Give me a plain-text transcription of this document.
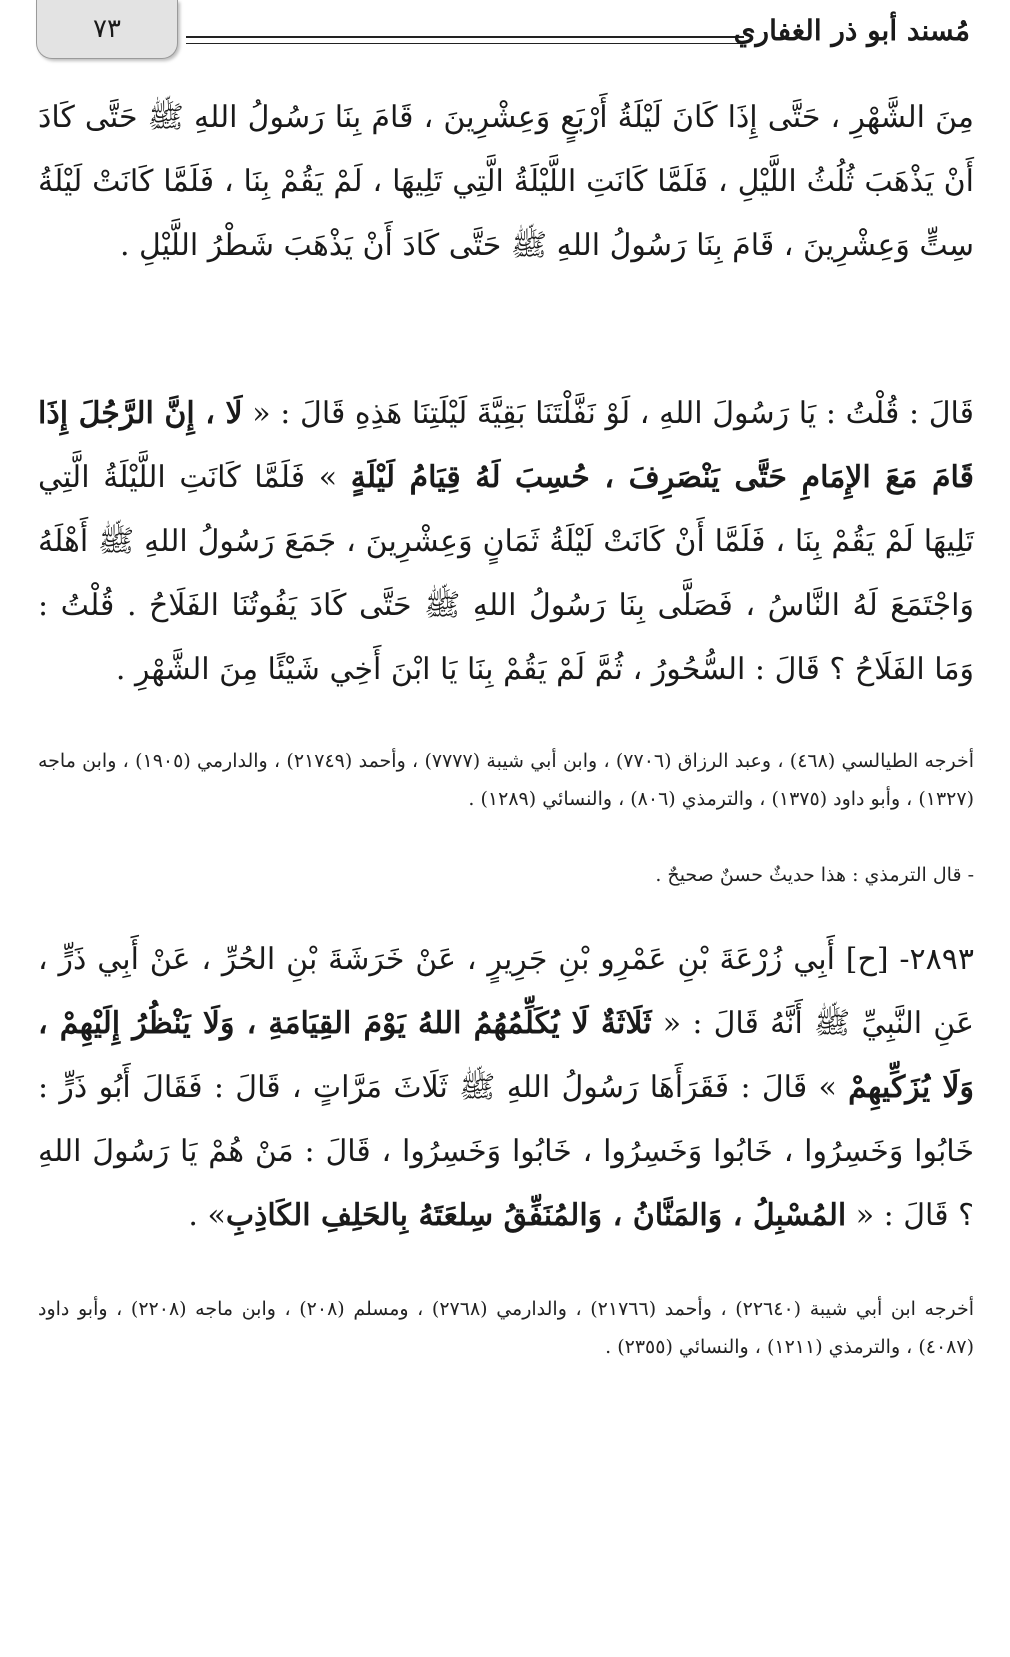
٧٣	مُسند أبو ذر الغفاري
مِنَ الشَّهْرِ ، حَتَّى إِذَا كَانَ لَيْلَةُ أَرْبَعٍ وَعِشْرِينَ ، قَامَ بِنَا رَسُولُ اللهِ ﷺ حَتَّى كَادَ أَنْ يَذْهَبَ ثُلُثُ اللَّيْلِ ، فَلَمَّا كَانَتِ اللَّيْلَةُ الَّتِي تَلِيهَا ، لَمْ يَقُمْ بِنَا ، فَلَمَّا كَانَتْ لَيْلَةُ سِتٍّ وَعِشْرِينَ ، قَامَ بِنَا رَسُولُ اللهِ ﷺ حَتَّى كَادَ أَنْ يَذْهَبَ شَطْرُ اللَّيْلِ .
قَالَ : قُلْتُ : يَا رَسُولَ اللهِ ، لَوْ نَفَّلْتَنَا بَقِيَّةَ لَيْلَتِنَا هَذِهِ قَالَ : « لَا ، إِنَّ الرَّجُلَ إِذَا قَامَ مَعَ الإِمَامِ حَتَّى يَنْصَرِفَ ، حُسِبَ لَهُ قِيَامُ لَيْلَةٍ » فَلَمَّا كَانَتِ اللَّيْلَةُ الَّتِي تَلِيهَا لَمْ يَقُمْ بِنَا ، فَلَمَّا أَنْ كَانَتْ لَيْلَةُ ثَمَانٍ وَعِشْرِينَ ، جَمَعَ رَسُولُ اللهِ ﷺ أَهْلَهُ وَاجْتَمَعَ لَهُ النَّاسُ ، فَصَلَّى بِنَا رَسُولُ اللهِ ﷺ حَتَّى كَادَ يَفُوتُنَا الفَلَاحُ . قُلْتُ : وَمَا الفَلَاحُ ؟ قَالَ : السُّحُورُ ، ثُمَّ لَمْ يَقُمْ بِنَا يَا ابْنَ أَخِي شَيْئًا مِنَ الشَّهْرِ .
أخرجه الطيالسي (٤٦٨) ، وعبد الرزاق (٧٧٠٦) ، وابن أبي شيبة (٧٧٧٧) ، وأحمد (٢١٧٤٩) ، والدارمي (١٩٠٥) ، وابن ماجه (١٣٢٧) ، وأبو داود (١٣٧٥) ، والترمذي (٨٠٦) ، والنسائي (١٢٨٩) .
- قال الترمذي : هذا حديثٌ حسنٌ صحيحٌ .
٢٨٩٣- [ح] أَبِي زُرْعَةَ بْنِ عَمْرِو بْنِ جَرِيرٍ ، عَنْ خَرَشَةَ بْنِ الحُرِّ ، عَنْ أَبِي ذَرٍّ ، عَنِ النَّبِيِّ ﷺ أَنَّهُ قَالَ : « ثَلَاثَةٌ لَا يُكَلِّمُهُمُ اللهُ يَوْمَ القِيَامَةِ ، وَلَا يَنْظُرُ إِلَيْهِمْ ، وَلَا يُزَكِّيهِمْ » قَالَ : فَقَرَأَهَا رَسُولُ اللهِ ﷺ ثَلَاثَ مَرَّاتٍ ، قَالَ : فَقَالَ أَبُو ذَرٍّ : خَابُوا وَخَسِرُوا ، خَابُوا وَخَسِرُوا ، خَابُوا وَخَسِرُوا ، قَالَ : مَنْ هُمْ يَا رَسُولَ اللهِ ؟ قَالَ : « المُسْبِلُ ، وَالمَنَّانُ ، وَالمُنَفِّقُ سِلعَتَهُ بِالحَلِفِ الكَاذِبِ» .
أخرجه ابن أبي شيبة (٢٢٦٤٠) ، وأحمد (٢١٧٦٦) ، والدارمي (٢٧٦٨) ، ومسلم (٢٠٨) ، وابن ماجه (٢٢٠٨) ، وأبو داود (٤٠٨٧) ، والترمذي (١٢١١) ، والنسائي (٢٣٥٥) .
